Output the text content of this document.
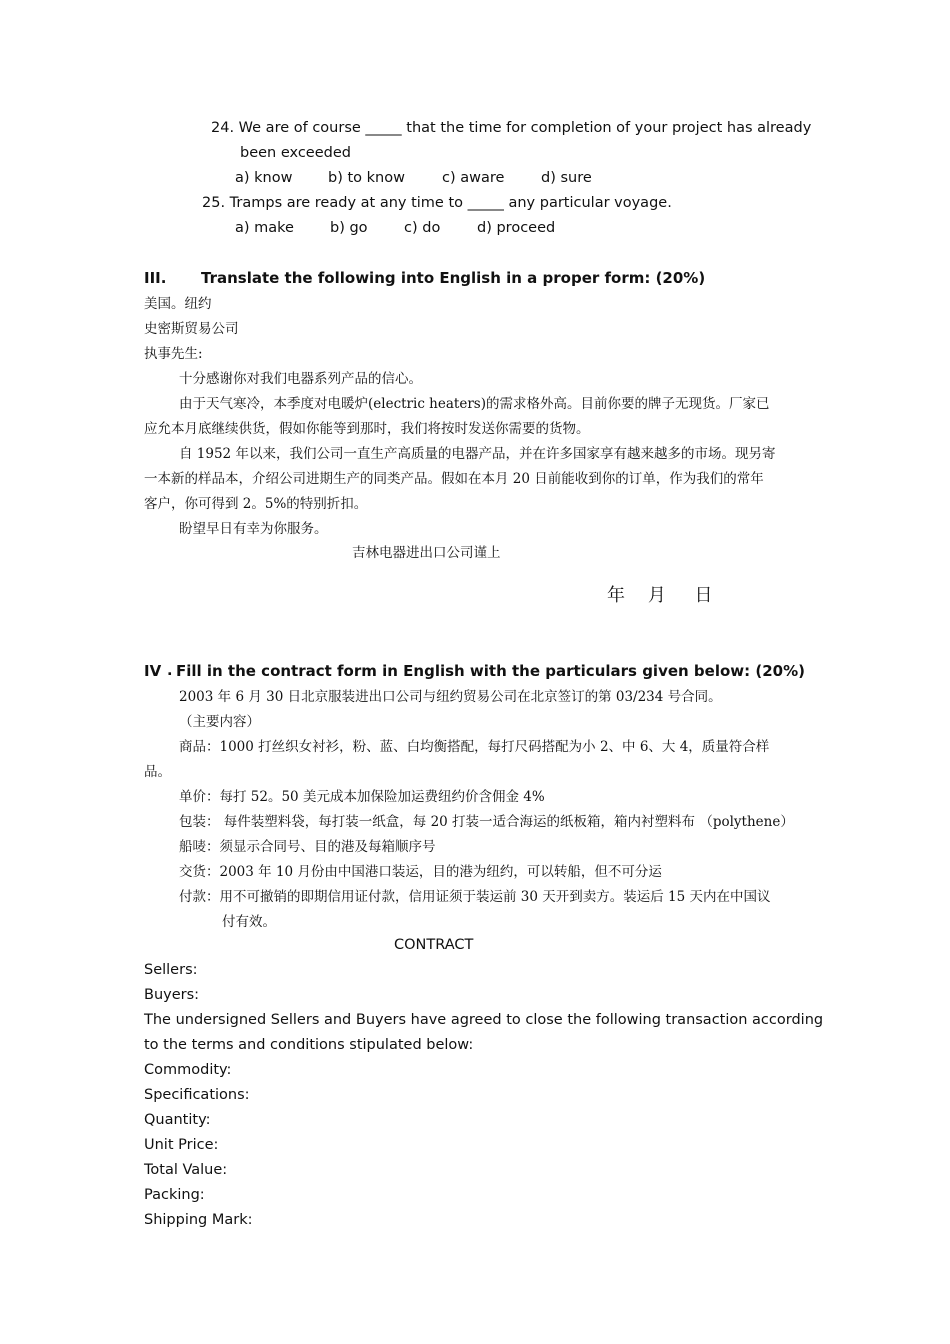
24. We are of course _____ that the time for completion of your project has already
been exceeded
a) know b) to know	c) aware	d) sure
25. Tramps are ready at any time to _____ any particular voyage.
a) make b) go	c) do	d) proceed
III. Translate the following into English in a proper form: (20%)
美国。纽约
史密斯贸易公司
执事先生:
十分感谢你对我们电器系列产品的信心。
由于天气寒冷，本季度对电暖炉(electric heaters)的需求格外高。目前你要的牌子无现货。厂家已
应允本月底继续供货，假如你能等到那时，我们将按时发送你需要的货物。
自 1952 年以来，我们公司一直生产高质量的电器产品，并在许多国家享有越来越多的市场。现另寄
一本新的样品本，介绍公司进期生产的同类产品。假如在本月 20 日前能收到你的订单，作为我们的常年
客户，你可得到 2。5%的特别折扣。
盼望早日有幸为你服务。
吉林电器进出口公司谨上
年    月     日
IV Fill in the contract form in English with the particulars given below: (20%)
.
2003 年 6 月 30 日北京服装进出口公司与纽约贸易公司在北京签订的第 03/234 号合同。
（主要内容）
商品：1000 打丝织女衬衫，粉、蓝、白均衡搭配，每打尺码搭配为小 2、中 6、大 4，质量符合样
品。
单价：每打 52。50 美元成本加保险加运费纽约价含佣金 4%
包装： 每件装塑料袋，每打装一纸盒，每 20 打装一适合海运的纸板箱，箱内衬塑料布 （polythene）
船唛：须显示合同号、目的港及每箱顺序号
交货：2003 年 10 月份由中国港口装运，目的港为纽约，可以转船，但不可分运
付款：用不可撤销的即期信用证付款，信用证须于装运前 30 天开到卖方。装运后 15 天内在中国议
付有效。
CONTRACT
Sellers:
Buyers:
The undersigned Sellers and Buyers have agreed to close the following transaction according
to the terms and conditions stipulated below:
Commodity:
Specifications:
Quantity:
Unit Price:
Total Value:
Packing:
Shipping Mark:
